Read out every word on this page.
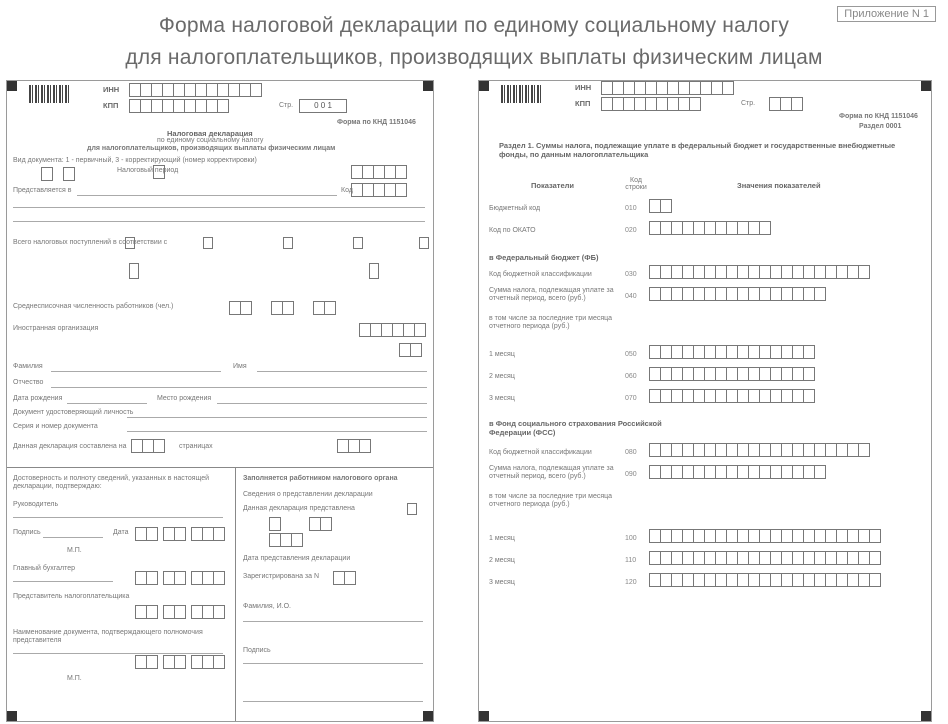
Форма налоговой декларации по единому социальному налогу
для налогоплательщиков, производящих выплаты физическим лицам
Приложение N 1
ИНН
КПП	Стр.	0 0 1
Форма по КНД 1151046
Налоговая декларация
по единому социальному налогу
для налогоплательщиков, производящих выплаты физическим лицам
Вид документа: 1 - первичный, 3 - корректирующий (номер корректировки)
Налоговый период
Представляется в	Код
Всего налоговых поступлений в соответствии с
Среднесписочная численность работников (чел.)
Иностранная организация
Фамилия	Имя
Отчество
Дата рождения	Место рождения
Документ удостоверяющий личность
Серия и номер документа
Данная декларация составлена на	страницах
Достоверность и полноту сведений, указанных в настоящей декларации, подтверждаю:
Руководитель
Подпись	Дата
М.П.
Главный бухгалтер
Представитель налогоплательщика
Наименование документа, подтверждающего полномочия представителя
М.П.
Заполняется работником налогового органа
Сведения о представлении декларации
Данная декларация представлена
Дата представления декларации
Зарегистрирована за N
Фамилия, И.О.
Подпись
ИНН
КПП	Стр.
Форма по КНД 1151046
Раздел 0001
Раздел 1. Суммы налога, подлежащие уплате в федеральный бюджет и государственные внебюджетные фонды, по данным налогоплательщика
Показатели
Код строки	Значения показателей
Бюджетный код	010
Код по ОКАТО	020
в Федеральный бюджет (ФБ)
Код бюджетной классификации	030
Сумма налога, подлежащая уплате за отчетный период, всего (руб.)	040
в том числе за последние три месяца отчетного периода (руб.)
1 месяц	050
2 месяц	060
3 месяц	070
в Фонд социального страхования Российской Федерации (ФСС)
Код бюджетной классификации	080
Сумма налога, подлежащая уплате за отчетный период, всего (руб.)	090
в том числе за последние три месяца отчетного периода (руб.)
1 месяц	100
2 месяц	110
3 месяц	120
